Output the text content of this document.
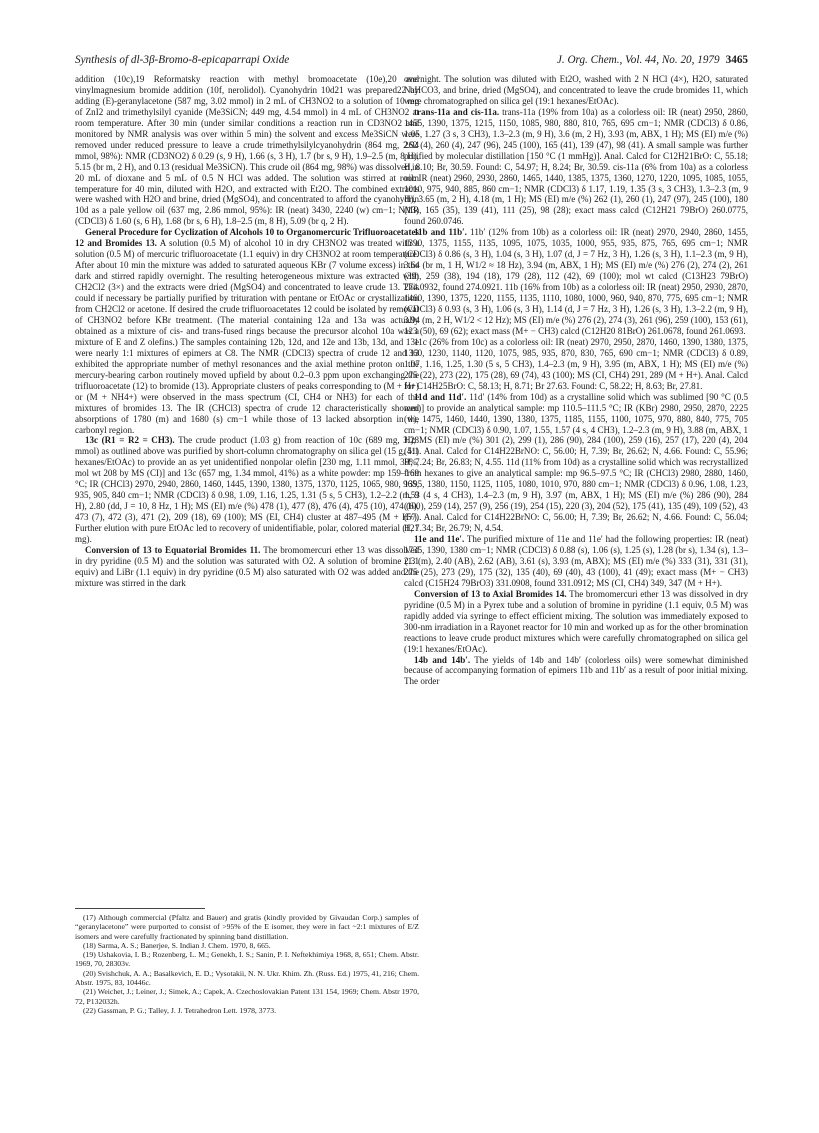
Synthesis of dl-3β-Bromo-8-epicaparrapi Oxide	J. Org. Chem., Vol. 44, No. 20, 1979 3465

addition (10c),19 Reformatsky reaction with methyl bromoacetate (10e),20 and vinylmagnesium bromide addition (10f, nerolidol). Cyanohydrin 10d21 was prepared22 by adding (E)-geranylacetone (587 mg, 3.02 mmol) in 2 mL of CH3NO2 to a solution of 10 mg of ZnI2 and trimethylsilyl cyanide (Me3SiCN; 449 mg, 4.54 mmol) in 4 mL of CH3NO2 at room temperature. After 30 min (under similar conditions a reaction run in CD3NO2 and monitored by NMR analysis was over within 5 min) the solvent and excess Me3SiCN were removed under reduced pressure to leave a crude trimethylsilylcyanohydrin (864 mg, 2.94 mmol, 98%): NMR (CD3NO2) δ 0.29 (s, 9 H), 1.66 (s, 3 H), 1.7 (br s, 9 H), 1.9–2.5 (m, 8 H), 5.15 (br m, 2 H), and 0.13 (residual Me3SiCN). This crude oil (864 mg, 98%) was dissolved in 20 mL of dioxane and 5 mL of 0.5 N HCl was added. The solution was stirred at room temperature for 40 min, diluted with H2O, and extracted with Et2O. The combined extracts were washed with H2O and brine, dried (MgSO4), and concentrated to afford the cyanohydrin 10d as a pale yellow oil (637 mg, 2.86 mmol, 95%): IR (neat) 3430, 2240 (w) cm−1; NMR (CDCl3) δ 1.60 (s, 6 H), 1.68 (br s, 6 H), 1.8–2.5 (m, 8 H), 5.09 (br q, 2 H).

General Procedure for Cyclization of Alcohols 10 to Organomercuric Trifluoroacetates 12 and Bromides 13. A solution (0.5 M) of alcohol 10 in dry CH3NO2 was treated with a solution (0.5 M) of mercuric trifluoroacetate (1.1 equiv) in dry CH3NO2 at room temperature. After about 10 min the mixture was added to saturated aqueous KBr (7 volume excess) in the dark and stirred rapidly overnight. The resulting heterogeneous mixture was extracted with CH2Cl2 (3×) and the extracts were dried (MgSO4) and concentrated to leave crude 13. This could if necessary be partially purified by trituration with pentane or EtOAc or crystallization from CH2Cl2 or acetone. If desired the crude trifluoroacetates 12 could be isolated by removal of CH3NO2 before KBr treatment. (The material containing 12a and 13a was actually obtained as a mixture of cis- and trans-fused rings because the precursor alcohol 10a was a mixture of E and Z olefins.) The samples containing 12b, 12d, and 12e and 13b, 13d, and 13e were nearly 1:1 mixtures of epimers at C8. The NMR (CDCl3) spectra of crude 12 and 13 exhibited the appropriate number of methyl resonances and the axial methine proton on the mercury-bearing carbon routinely moved upfield by about 0.2–0.3 ppm upon exchanging the trifluoroacetate (12) to bromide (13). Appropriate clusters of peaks corresponding to (M + H+) or (M + NH4+) were observed in the mass spectrum (CI, CH4 or NH3) for each of the mixtures of bromides 13. The IR (CHCl3) spectra of crude 12 characteristically showed absorptions of 1780 (m) and 1680 (s) cm−1 while those of 13 lacked absorption in the carbonyl region.

13c (R1 = R2 = CH3). The crude product (1.03 g) from reaction of 10c (689 mg, 3.28 mmol) as outlined above was purified by short-column chromatography on silica gel (15 g, 5:1 hexanes/EtOAc) to provide an as yet unidentified nonpolar olefin [230 mg, 1.11 mmol, 39%, mol wt 208 by MS (CI)] and 13c (657 mg, 1.34 mmol, 41%) as a white powder: mp 159–169 °C; IR (CHCl3) 2970, 2940, 2860, 1460, 1445, 1390, 1380, 1375, 1370, 1125, 1065, 980, 965, 935, 905, 840 cm−1; NMR (CDCl3) δ 0.98, 1.09, 1.16, 1.25, 1.31 (5 s, 5 CH3), 1.2–2.2 (m, 9 H), 2.80 (dd, J = 10, 8 Hz, 1 H); MS (EI) m/e (%) 478 (1), 477 (8), 476 (4), 475 (10), 474 (6), 473 (7), 472 (3), 471 (2), 209 (18), 69 (100); MS (EI, CH4) cluster at 487–495 (M + H+). Further elution with pure EtOAc led to recovery of unidentifiable, polar, colored material (121 mg).

Conversion of 13 to Equatorial Bromides 11. The bromomercuri ether 13 was dissolved in dry pyridine (0.5 M) and the solution was saturated with O2. A solution of bromine (1.1 equiv) and LiBr (1.1 equiv) in dry pyridine (0.5 M) also saturated with O2 was added and the mixture was stirred in the dark

(17) Although commercial (Pfaltz and Bauer) and gratis (kindly provided by Givaudan Corp.) samples of “geranylacetone” were purported to consist of >95% of the E isomer, they were in fact ~2:1 mixtures of E/Z isomers and were carefully fractionated by spinning band distillation.

(18) Sarma, A. S.; Banerjee, S. Indian J. Chem. 1970, 8, 665.

(19) Ushakovia, I. B.; Rozenberg, L. M.; Genekh, I. S.; Sanin, P. I. Neftekhimiya 1968, 8, 651; Chem. Abstr. 1969, 70, 28303v.

(20) Svishchuk, A. A.; Basalkevich, E. D.; Vysotakii, N. N. Ukr. Khim. Zh. (Russ. Ed.) 1975, 41, 216; Chem. Abstr. 1975, 83, 10446c.

(21) Weichet, J.; Leiner, J.; Simek, A.; Capek, A. Czechoslovakian Patent 131 154, 1969; Chem. Abstr 1970, 72, P132032h.

(22) Gassman, P. G.; Talley, J. J. Tetrahedron Lett. 1978, 3773.

overnight. The solution was diluted with Et2O, washed with 2 N HCl (4×), H2O, saturated NaHCO3, and brine, dried (MgSO4), and concentrated to leave the crude bromides 11, which were chromatographed on silica gel (19:1 hexanes/EtOAc).

trans-11a and cis-11a. trans-11a (19% from 10a) as a colorless oil: IR (neat) 2950, 2860, 1455, 1390, 1375, 1215, 1150, 1085, 980, 880, 810, 765, 695 cm−1; NMR (CDCl3) δ 0.86, 1.05, 1.27 (3 s, 3 CH3), 1.3–2.3 (m, 9 H), 3.6 (m, 2 H), 3.93 (m, ABX, 1 H); MS (EI) m/e (%) 262 (4), 260 (4), 247 (96), 245 (100), 165 (41), 139 (47), 98 (41). A small sample was further purified by molecular distillation [150 °C (1 mmHg)]. Anal. Calcd for C12H21BrO: C, 55.18; H, 8.10; Br, 30.59. Found: C, 54.97; H, 8.24; Br, 30.59. cis-11a (6% from 10a) as a colorless oil: IR (neat) 2960, 2930, 2860, 1465, 1440, 1385, 1375, 1360, 1270, 1220, 1095, 1085, 1055, 1010, 975, 940, 885, 860 cm−1; NMR (CDCl3) δ 1.17, 1.19, 1.35 (3 s, 3 CH3), 1.3–2.3 (m, 9 H), 3.65 (m, 2 H), 4.18 (m, 1 H); MS (EI) m/e (%) 262 (1), 260 (1), 247 (97), 245 (100), 180 (13), 165 (35), 139 (41), 111 (25), 98 (28); exact mass calcd (C12H21 79BrO) 260.0775, found 260.0746.

11b and 11b′. 11b′ (12% from 10b) as a colorless oil: IR (neat) 2970, 2940, 2860, 1455, 1390, 1375, 1155, 1135, 1095, 1075, 1035, 1000, 955, 935, 875, 765, 695 cm−1; NMR (CDCl3) δ 0.86 (s, 3 H), 1.04 (s, 3 H), 1.07 (d, J = 7 Hz, 3 H), 1.26 (s, 3 H), 1.1–2.3 (m, 9 H), 3.64 (br m, 1 H, W1/2 ≈ 18 Hz), 3.94 (m, ABX, 1 H); MS (EI) m/e (%) 276 (2), 274 (2), 261 (39), 259 (38), 194 (18), 179 (28), 112 (42), 69 (100); mol wt calcd (C13H23 79BrO) 274.0932, found 274.0921. 11b (16% from 10b) as a colorless oil: IR (neat) 2950, 2930, 2870, 1460, 1390, 1375, 1220, 1155, 1135, 1110, 1080, 1000, 960, 940, 870, 775, 695 cm−1; NMR (CDCl3) δ 0.93 (s, 3 H), 1.06 (s, 3 H), 1.14 (d, J = 7 Hz, 3 H), 1.26 (s, 3 H), 1.3–2.2 (m, 9 H), 3.94 (m, 2 H, W1/2 < 12 Hz); MS (EI) m/e (%) 276 (2), 274 (3), 261 (96), 259 (100), 153 (61), 123 (50), 69 (62); exact mass (M+ − CH3) calcd (C12H20 81BrO) 261.0678, found 261.0693.

11c (26% from 10c) as a colorless oil: IR (neat) 2970, 2950, 2870, 1460, 1390, 1380, 1375, 1360, 1230, 1140, 1120, 1075, 985, 935, 870, 830, 765, 690 cm−1; NMR (CDCl3) δ 0.89, 1.07, 1.16, 1.25, 1.30 (5 s, 5 CH3), 1.4–2.3 (m, 9 H), 3.95 (m, ABX, 1 H); MS (EI) m/e (%) 275 (22), 273 (22), 175 (28), 69 (74), 43 (100); MS (CI, CH4) 291, 289 (M + H+). Anal. Calcd for C14H25BrO: C, 58.13; H, 8.71; Br 27.63. Found: C, 58.22; H, 8.63; Br, 27.81.

11d and 11d′. 11d′ (14% from 10d) as a crystalline solid which was sublimed [90 °C (0.5 mm)] to provide an analytical sample: mp 110.5–111.5 °C; IR (KBr) 2980, 2950, 2870, 2225 (w), 1475, 1460, 1440, 1390, 1380, 1375, 1185, 1155, 1100, 1075, 970, 880, 840, 775, 705 cm−1; NMR (CDCl3) δ 0.90, 1.07, 1.55, 1.57 (4 s, 4 CH3), 1.2–2.3 (m, 9 H), 3.88 (m, ABX, 1 H); MS (EI) m/e (%) 301 (2), 299 (1), 286 (90), 284 (100), 259 (16), 257 (17), 220 (4), 204 (41). Anal. Calcd for C14H22BrNO: C, 56.00; H, 7.39; Br, 26.62; N, 4.66. Found: C, 55.96; H, 7.24; Br, 26.83; N, 4.55. 11d (11% from 10d) as a crystalline solid which was recrystallized from hexanes to give an analytical sample: mp 96.5–97.5 °C; IR (CHCl3) 2980, 2880, 1460, 1395, 1380, 1150, 1125, 1105, 1080, 1010, 970, 880 cm−1; NMR (CDCl3) δ 0.96, 1.08, 1.23, 1.53 (4 s, 4 CH3), 1.4–2.3 (m, 9 H), 3.97 (m, ABX, 1 H); MS (EI) m/e (%) 286 (90), 284 (100), 259 (14), 257 (9), 256 (19), 254 (15), 220 (3), 204 (52), 175 (41), 135 (49), 109 (52), 43 (57). Anal. Calcd for C14H22BrNO: C, 56.00; H, 7.39; Br, 26.62; N, 4.66. Found: C, 56.04; H, 7.34; Br, 26.79; N, 4.54.

11e and 11e′. The purified mixture of 11e and 11e′ had the following properties: IR (neat) 1735, 1390, 1380 cm−1; NMR (CDCl3) δ 0.88 (s), 1.06 (s), 1.25 (s), 1.28 (br s), 1.34 (s), 1.3–2.3 (m), 2.40 (AB), 2.62 (AB), 3.61 (s), 3.93 (m, ABX); MS (EI) m/e (%) 333 (31), 331 (31), 275 (25), 273 (29), 175 (32), 135 (40), 69 (40), 43 (100), 41 (49); exact mass (M+ − CH3) calcd (C15H24 79BrO3) 331.0908, found 331.0912; MS (CI, CH4) 349, 347 (M + H+).

Conversion of 13 to Axial Bromides 14. The bromomercuri ether 13 was dissolved in dry pyridine (0.5 M) in a Pyrex tube and a solution of bromine in pyridine (1.1 equiv, 0.5 M) was rapidly added via syringe to effect efficient mixing. The solution was immediately exposed to 300-nm irradiation in a Rayonet reactor for 10 min and worked up as for the other bromination reactions to leave crude product mixtures which were carefully chromatographed on silica gel (19:1 hexanes/EtOAc).

14b and 14b′. The yields of 14b and 14b′ (colorless oils) were somewhat diminished because of accompanying formation of epimers 11b and 11b′ as a result of poor initial mixing. The order
